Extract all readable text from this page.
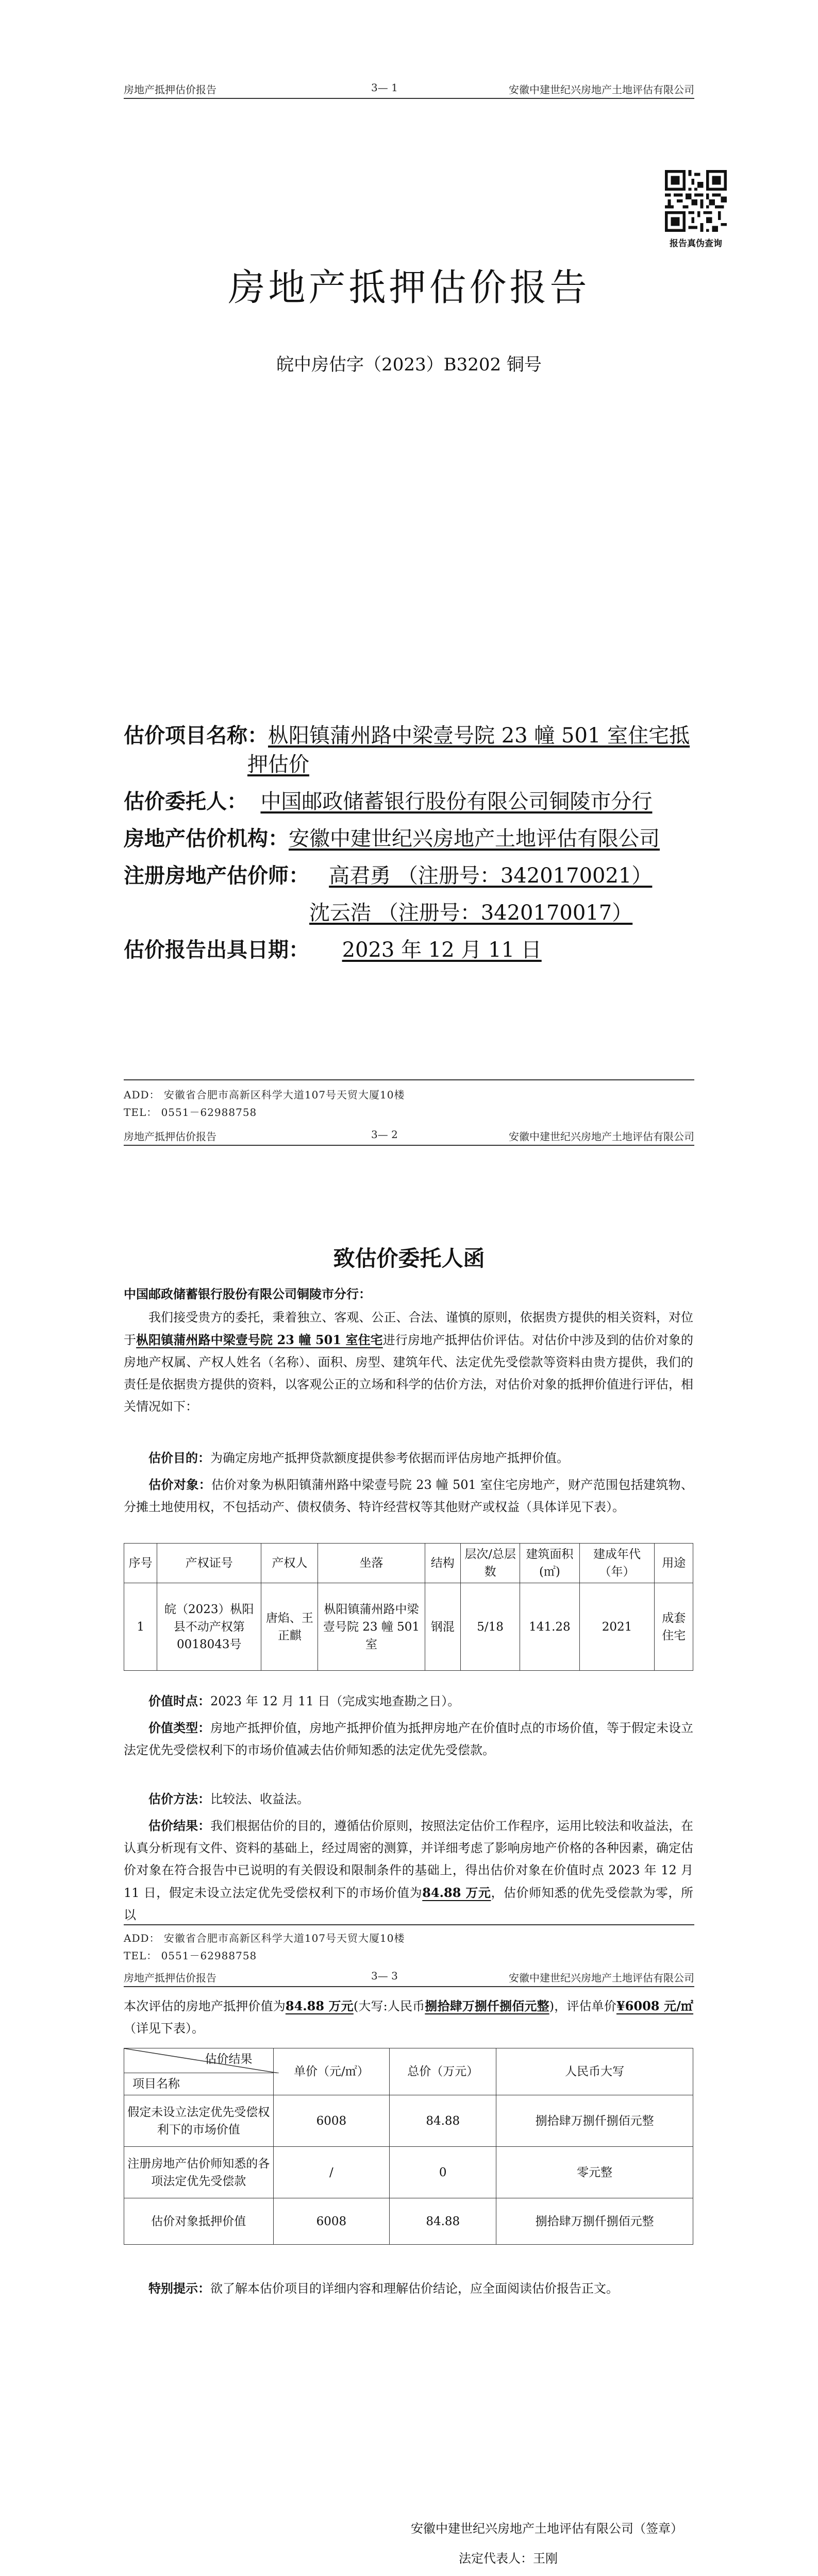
房地产抵押估价报告	3— 1	安徽中建世纪兴房地产土地评估有限公司
报告真伪查询
房地产抵押估价报告
皖中房估字（2023）B3202 铜号
估价项目名称：枞阳镇蒲州路中梁壹号院 23 幢 501 室住宅抵
押估价
估价委托人： 中国邮政储蓄银行股份有限公司铜陵市分行
房地产估价机构：安徽中建世纪兴房地产土地评估有限公司
注册房地产估价师： 高君勇 （注册号：3420170021）
沈云浩 （注册号：3420170017）
估价报告出具日期： 2023 年 12 月 11 日
ADD： 安徽省合肥市高新区科学大道107号天贸大厦10楼
TEL： 0551－62988758
房地产抵押估价报告	3— 2	安徽中建世纪兴房地产土地评估有限公司
致估价委托人函
中国邮政储蓄银行股份有限公司铜陵市分行：
我们接受贵方的委托，秉着独立、客观、公正、合法、谨慎的原则，依据贵方提供的相关资料，对位于枞阳镇蒲州路中梁壹号院 23 幢 501 室住宅进行房地产抵押估价评估。对估价中涉及到的估价对象的房地产权属、产权人姓名（名称）、面积、房型、建筑年代、法定优先受偿款等资料由贵方提供，我们的责任是依据贵方提供的资料，以客观公正的立场和科学的估价方法，对估价对象的抵押价值进行评估，相关情况如下：
估价目的：为确定房地产抵押贷款额度提供参考依据而评估房地产抵押价值。
估价对象：估价对象为枞阳镇蒲州路中梁壹号院 23 幢 501 室住宅房地产，财产范围包括建筑物、分摊土地使用权，不包括动产、债权债务、特许经营权等其他财产或权益（具体详见下表）。
序号	产权证号	产权人	坐落	结构	层次/总层数	建筑面积(㎡)	建成年代（年）	用途
1	皖（2023）枞阳县不动产权第0018043号	唐焰、王正麒	枞阳镇蒲州路中梁壹号院 23 幢 501 室	钢混	5/18	141.28	2021	成套住宅
价值时点：2023 年 12 月 11 日（完成实地查勘之日）。
价值类型：房地产抵押价值，房地产抵押价值为抵押房地产在价值时点的市场价值，等于假定未设立法定优先受偿权利下的市场价值减去估价师知悉的法定优先受偿款。
估价方法：比较法、收益法。
估价结果：我们根据估价的目的，遵循估价原则，按照法定估价工作程序，运用比较法和收益法，在认真分析现有文件、资料的基础上，经过周密的测算，并详细考虑了影响房地产价格的各种因素，确定估价对象在符合报告中已说明的有关假设和限制条件的基础上，得出估价对象在价值时点 2023 年 12 月 11 日，假定未设立法定优先受偿权利下的市场价值为84.88 万元，估价师知悉的优先受偿款为零，所以
ADD： 安徽省合肥市高新区科学大道107号天贸大厦10楼
TEL： 0551－62988758
房地产抵押估价报告	3— 3	安徽中建世纪兴房地产土地评估有限公司
本次评估的房地产抵押价值为84.88 万元(大写:人民币捌拾肆万捌仟捌佰元整)，评估单价¥6008 元/㎡（详见下表）。
估价结果	单价（元/㎡）	总价（万元）	人民币大写
项目名称			
假定未设立法定优先受偿权利下的市场价值	6008	84.88	捌拾肆万捌仟捌佰元整
注册房地产估价师知悉的各项法定优先受偿款	/	0	零元整
估价对象抵押价值	6008	84.88	捌拾肆万捌仟捌佰元整
特别提示：欲了解本估价项目的详细内容和理解估价结论，应全面阅读估价报告正文。
安徽中建世纪兴房地产土地评估有限公司（签章）
法定代表人：王刚
